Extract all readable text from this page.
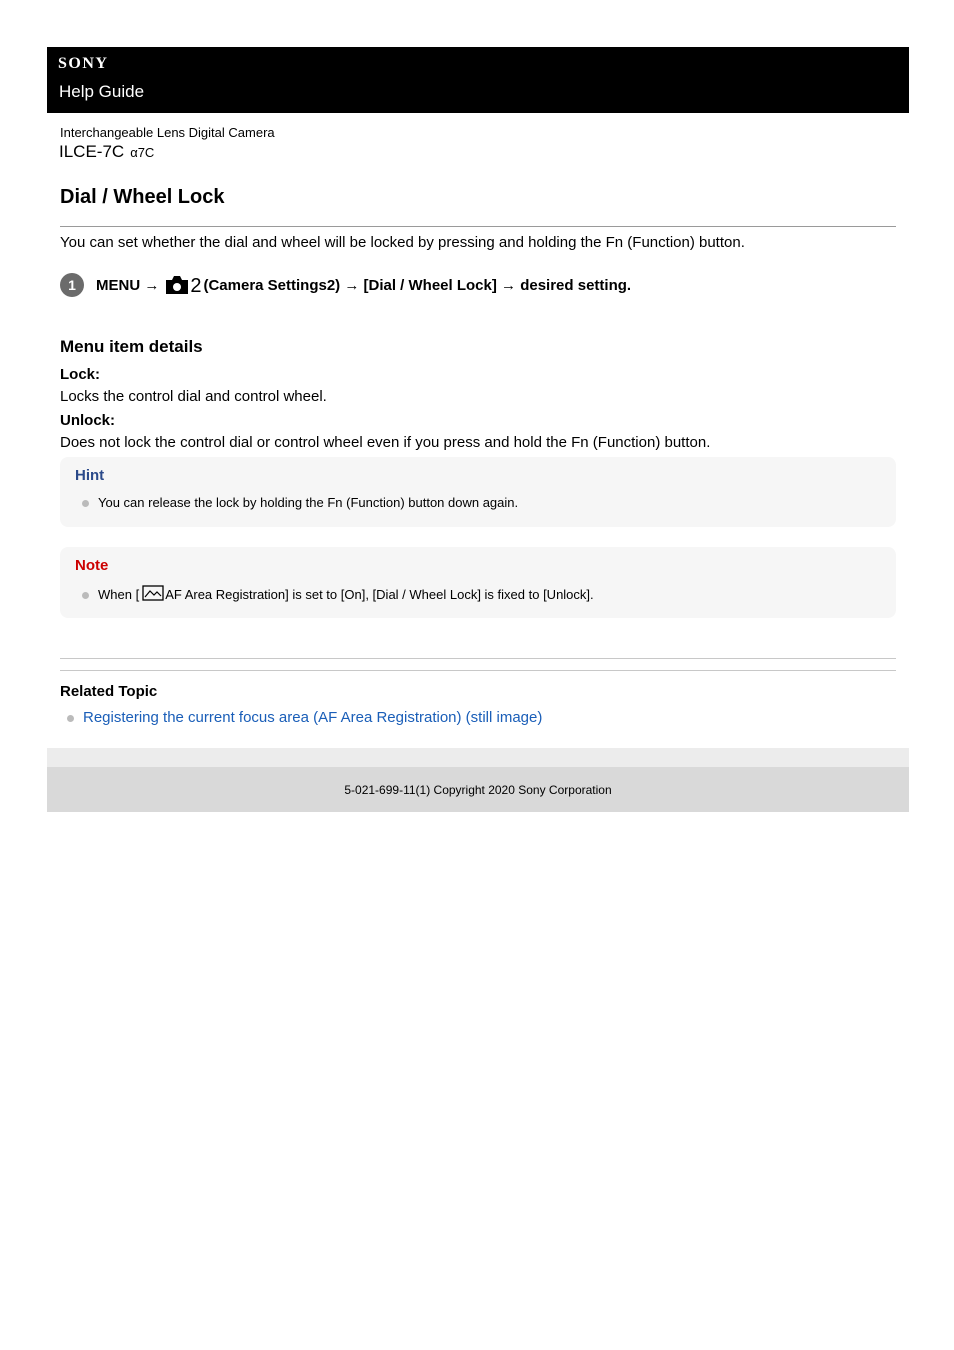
SONY
Help Guide
Interchangeable Lens Digital Camera
ILCE-7C α7C
Dial / Wheel Lock
You can set whether the dial and wheel will be locked by pressing and holding the Fn (Function) button.
1	MENU → 2 (Camera Settings2) → [Dial / Wheel Lock] → desired setting.
Menu item details
Lock:
Locks the control dial and control wheel.
Unlock:
Does not lock the control dial or control wheel even if you press and hold the Fn (Function) button.
Hint
You can release the lock by holding the Fn (Function) button down again.
Note
When [ AF Area Registration] is set to [On], [Dial / Wheel Lock] is fixed to [Unlock].
Related Topic
Registering the current focus area (AF Area Registration) (still image)
5-021-699-11(1) Copyright 2020 Sony Corporation
